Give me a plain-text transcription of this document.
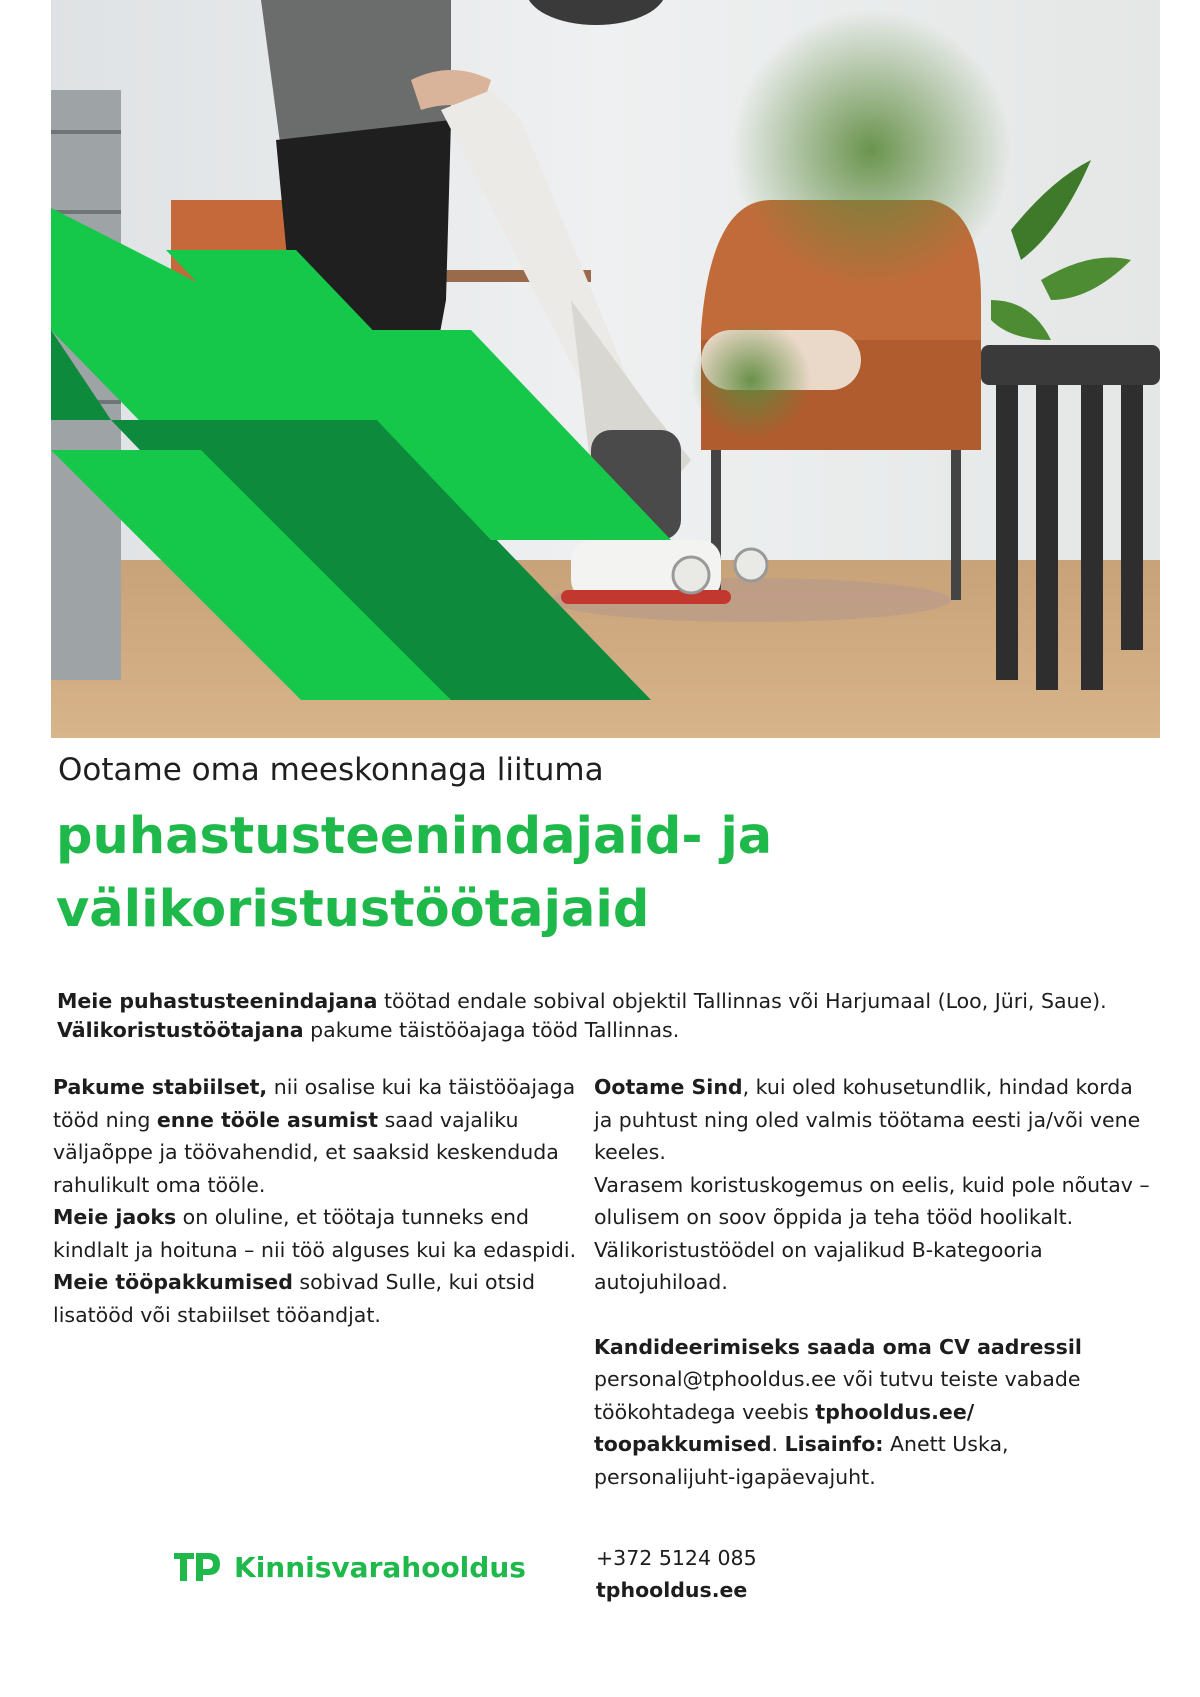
Ootame oma meeskonnaga liituma
puhastusteenindajaid- ja
välikoristustöötajaid
Meie puhastusteenindajana töötad endale sobival objektil Tallinnas või Harjumaal (Loo, Jüri, Saue). Välikoristustöötajana pakume täistööajaga tööd Tallinnas.

Pakume stabiilset, nii osalise kui ka täistööajaga tööd ning enne tööle asumist saad vajaliku väljaõppe ja töövahendid, et saaksid keskenduda rahulikult oma tööle.

Meie jaoks on oluline, et töötaja tunneks end kindlalt ja hoituna – nii töö alguses kui ka edaspidi.

Meie tööpakkumised sobivad Sulle, kui otsid lisatööd või stabiilset tööandjat.

Ootame Sind, kui oled kohusetundlik, hindad korda ja puhtust ning oled valmis töötama eesti ja/või vene keeles.

Varasem koristuskogemus on eelis, kuid pole nõutav – olulisem on soov õppida ja teha tööd hoolikalt.

Välikoristustöödel on vajalikud B-kategooria autojuhiload.

Kandideerimiseks saada oma CV aadressil

personal@tphooldus.ee või tutvu teiste vabade töökohtadega veebis tphooldus.ee/ toopakkumised. Lisainfo: Anett Uska, personalijuht-igapäevajuht.

Kinnisvarahooldus	+372 5124 085
tphooldus.ee
